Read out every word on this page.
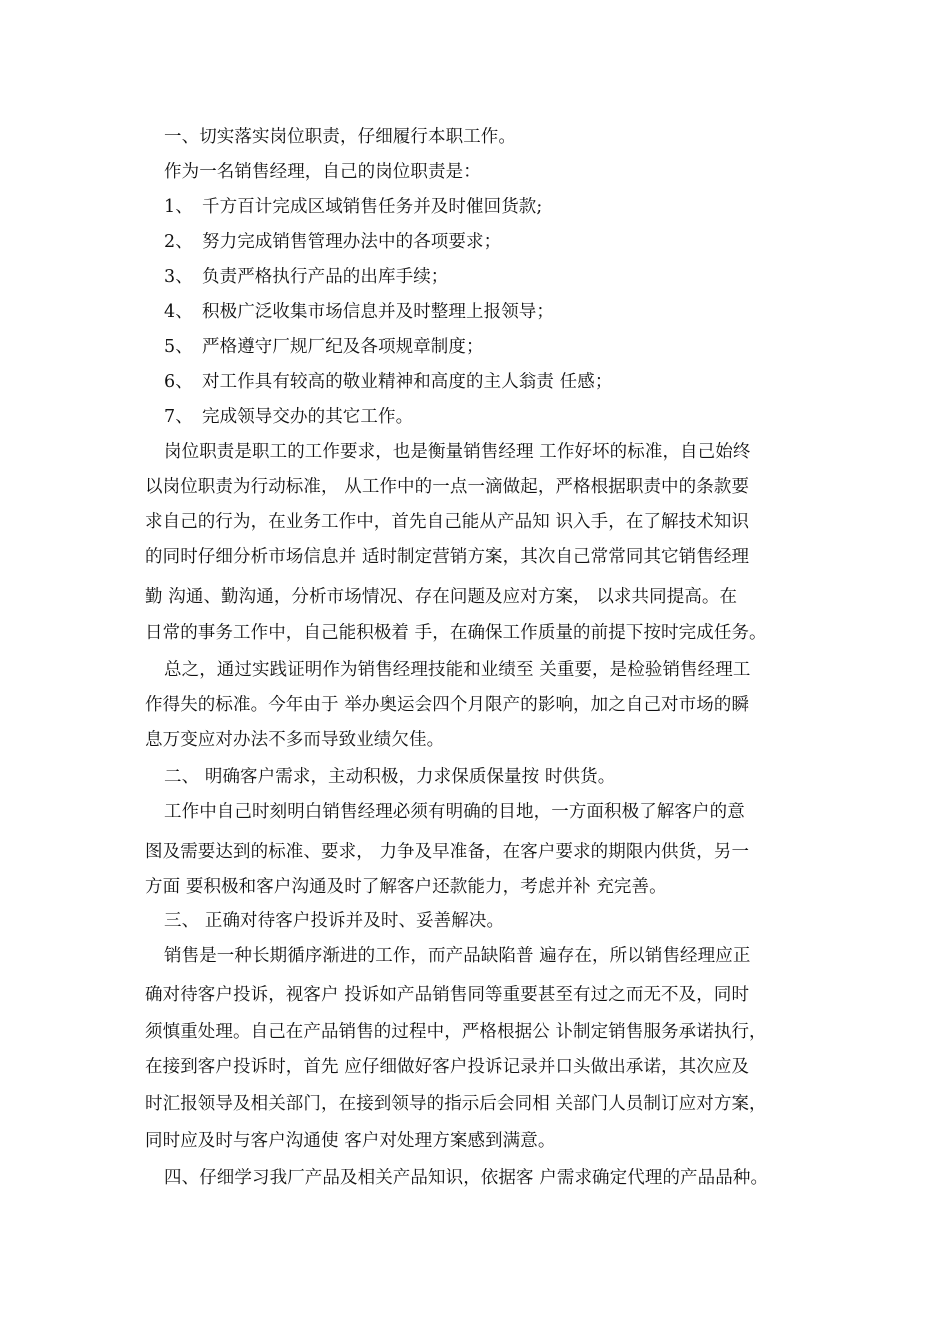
一、切实落实岗位职责，仔细履行本职工作。
作为一名销售经理，自己的岗位职责是：
1、 千方百计完成区域销售任务并及时催回货款;
2、 努力完成销售管理办法中的各项要求；
3、 负责严格执行产品的出库手续；
4、 积极广泛收集市场信息并及时整理上报领导；
5、 严格遵守厂规厂纪及各项规章制度；
6、 对工作具有较高的敬业精神和高度的主人翁责 任感；
7、 完成领导交办的其它工作。
岗位职责是职工的工作要求，也是衡量销售经理 工作好坏的标准，自己始终
以岗位职责为行动标准， 从工作中的一点一滴做起，严格根据职责中的条款要
求自己的行为，在业务工作中，首先自己能从产品知 识入手，在了解技术知识
的同时仔细分析市场信息并 适时制定营销方案，其次自己常常同其它销售经理
勤 沟通、勤沟通，分析市场情况、存在问题及应对方案， 以求共同提高。在
日常的事务工作中，自己能积极着 手，在确保工作质量的前提下按时完成任务。
总之，通过实践证明作为销售经理技能和业绩至 关重要，是检验销售经理工
作得失的标准。今年由于 举办奥运会四个月限产的影响，加之自己对市场的瞬
息万变应对办法不多而导致业绩欠佳。
二、 明确客户需求，主动积极，力求保质保量按 时供货。
工作中自己时刻明白销售经理必须有明确的目地，一方面积极了解客户的意
图及需要达到的标准、要求， 力争及早准备，在客户要求的期限内供货，另一
方面 要积极和客户沟通及时了解客户还款能力，考虑并补 充完善。
三、 正确对待客户投诉并及时、妥善解决。
销售是一种长期循序渐进的工作，而产品缺陷普 遍存在，所以销售经理应正
确对待客户投诉，视客户 投诉如产品销售同等重要甚至有过之而无不及，同时
须慎重处理。自己在产品销售的过程中，严格根据公 讣制定销售服务承诺执行，
在接到客户投诉时，首先 应仔细做好客户投诉记录并口头做出承诺，其次应及
时汇报领导及相关部门，在接到领导的指示后会同相 关部门人员制订应对方案，
同时应及时与客户沟通使 客户对处理方案感到满意。
四、仔细学习我厂产品及相关产品知识，依据客 户需求确定代理的产品品种。
